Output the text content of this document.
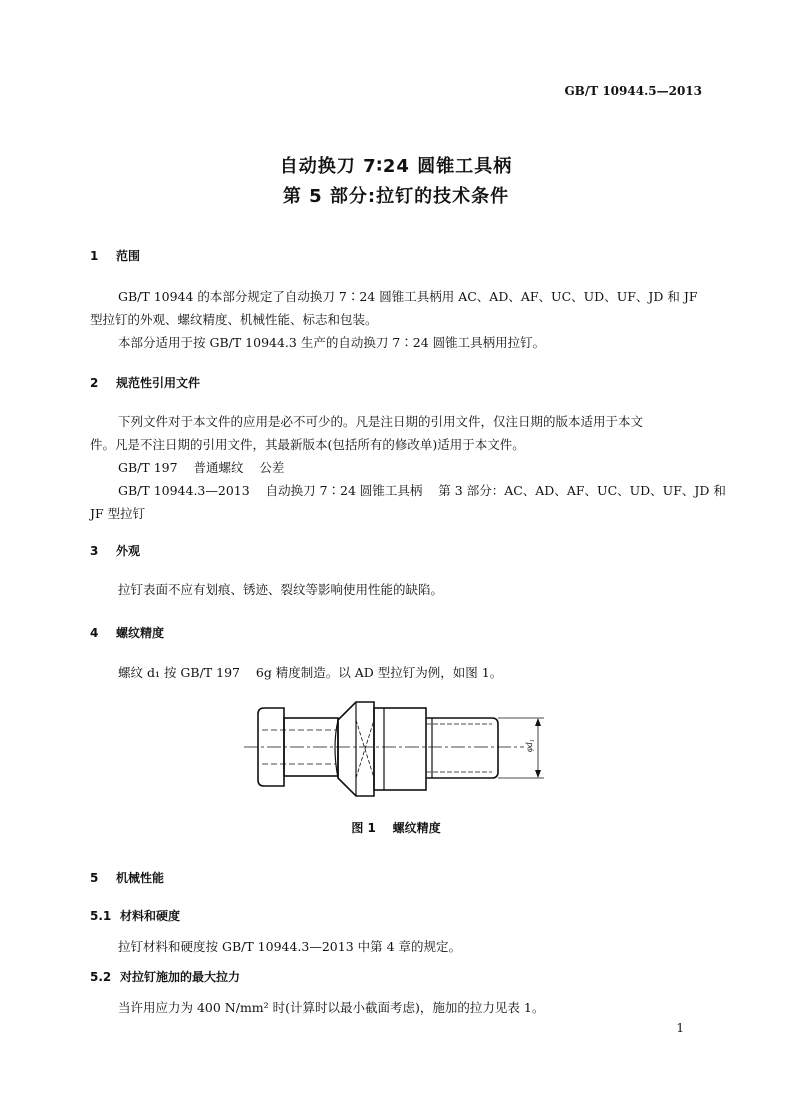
GB/T 10944.5—2013
自动换刀 7∶24 圆锥工具柄
第 5 部分:拉钉的技术条件
1 范围
GB/T 10944 的本部分规定了自动换刀 7∶24 圆锥工具柄用 AC、AD、AF、UC、UD、UF、JD 和 JF
型拉钉的外观、螺纹精度、机械性能、标志和包装。
本部分适用于按 GB/T 10944.3 生产的自动换刀 7∶24 圆锥工具柄用拉钉。
2 规范性引用文件
下列文件对于本文件的应用是必不可少的。凡是注日期的引用文件，仅注日期的版本适用于本文
件。凡是不注日期的引用文件，其最新版本(包括所有的修改单)适用于本文件。
GB/T 197    普通螺纹    公差
GB/T 10944.3—2013    自动换刀 7∶24 圆锥工具柄    第 3 部分：AC、AD、AF、UC、UD、UF、JD 和
JF 型拉钉
3 外观
拉钉表面不应有划痕、锈迹、裂纹等影响使用性能的缺陷。
4 螺纹精度
螺纹 d₁ 按 GB/T 197    6g 精度制造。以 AD 型拉钉为例，如图 1。
φd₁
图 1    螺纹精度
5 机械性能
5.1 材料和硬度
拉钉材料和硬度按 GB/T 10944.3—2013 中第 4 章的规定。
5.2 对拉钉施加的最大拉力
当许用应力为 400 N/mm² 时(计算时以最小截面考虑)，施加的拉力见表 1。
1
